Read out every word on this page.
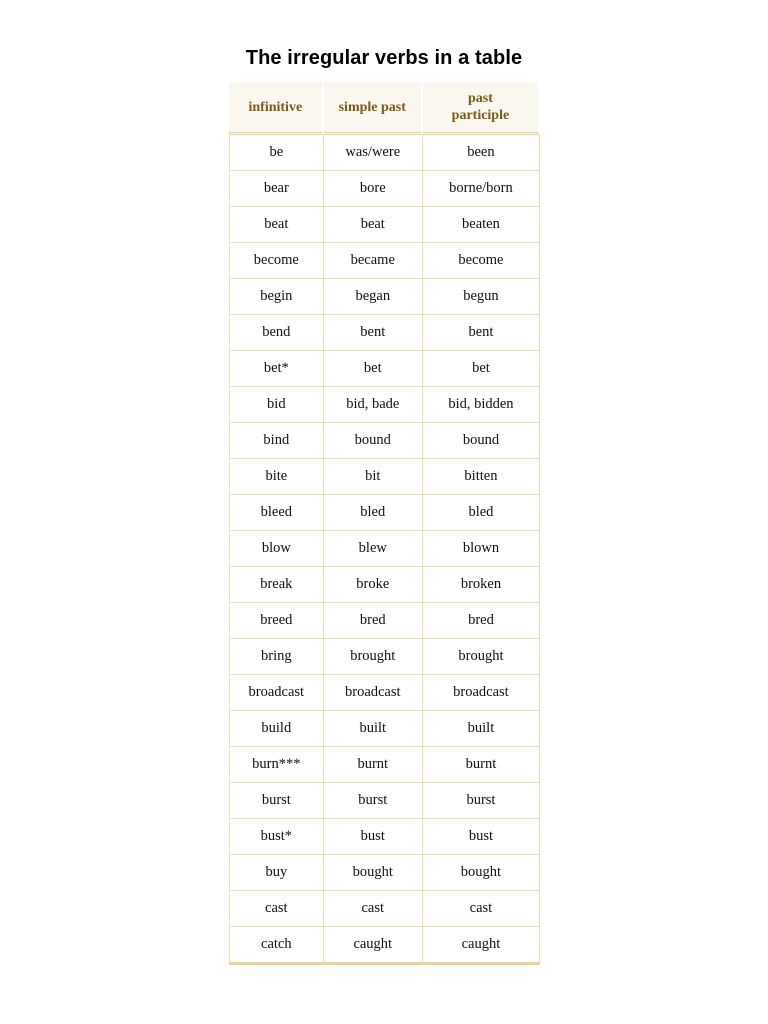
The irregular verbs in a table
infinitive	simple past	past participle
be	was/were	been
bear	bore	borne/born
beat	beat	beaten
become	became	become
begin	began	begun
bend	bent	bent
bet*	bet	bet
bid	bid, bade	bid, bidden
bind	bound	bound
bite	bit	bitten
bleed	bled	bled
blow	blew	blown
break	broke	broken
breed	bred	bred
bring	brought	brought
broadcast	broadcast	broadcast
build	built	built
burn***	burnt	burnt
burst	burst	burst
bust*	bust	bust
buy	bought	bought
cast	cast	cast
catch	caught	caught
